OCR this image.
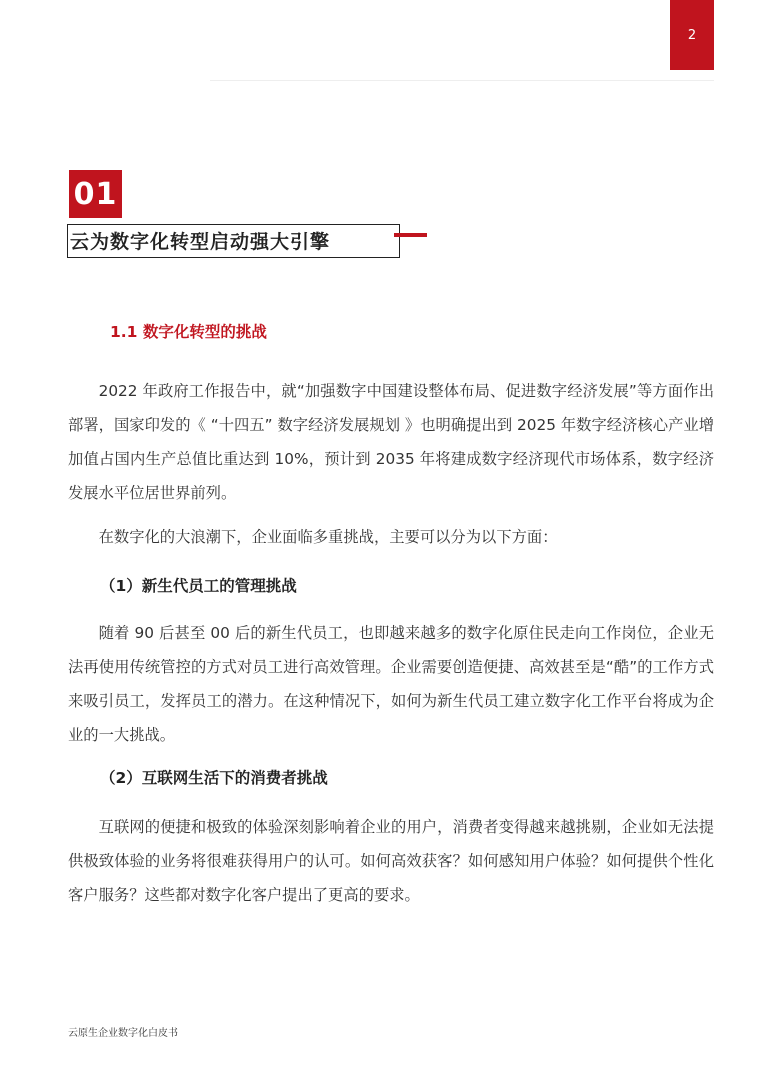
2
01
云为数字化转型启动强大引擎
1.1 数字化转型的挑战

2022 年政府工作报告中，就“加强数字中国建设整体布局、促进数字经济发展”等方面作出部署，国家印发的《 “十四五” 数字经济发展规划 》也明确提出到 2025 年数字经济核心产业增加值占国内生产总值比重达到 10%，预计到 2035 年将建成数字经济现代市场体系，数字经济发展水平位居世界前列。

在数字化的大浪潮下，企业面临多重挑战，主要可以分为以下方面：

（1）新生代员工的管理挑战

随着 90 后甚至 00 后的新生代员工，也即越来越多的数字化原住民走向工作岗位，企业无法再使用传统管控的方式对员工进行高效管理。企业需要创造便捷、高效甚至是“酷”的工作方式来吸引员工，发挥员工的潜力。在这种情况下，如何为新生代员工建立数字化工作平台将成为企业的一大挑战。

（2）互联网生活下的消费者挑战

互联网的便捷和极致的体验深刻影响着企业的用户，消费者变得越来越挑剔，企业如无法提供极致体验的业务将很难获得用户的认可。如何高效获客？如何感知用户体验？如何提供个性化客户服务？这些都对数字化客户提出了更高的要求。

云原生企业数字化白皮书
